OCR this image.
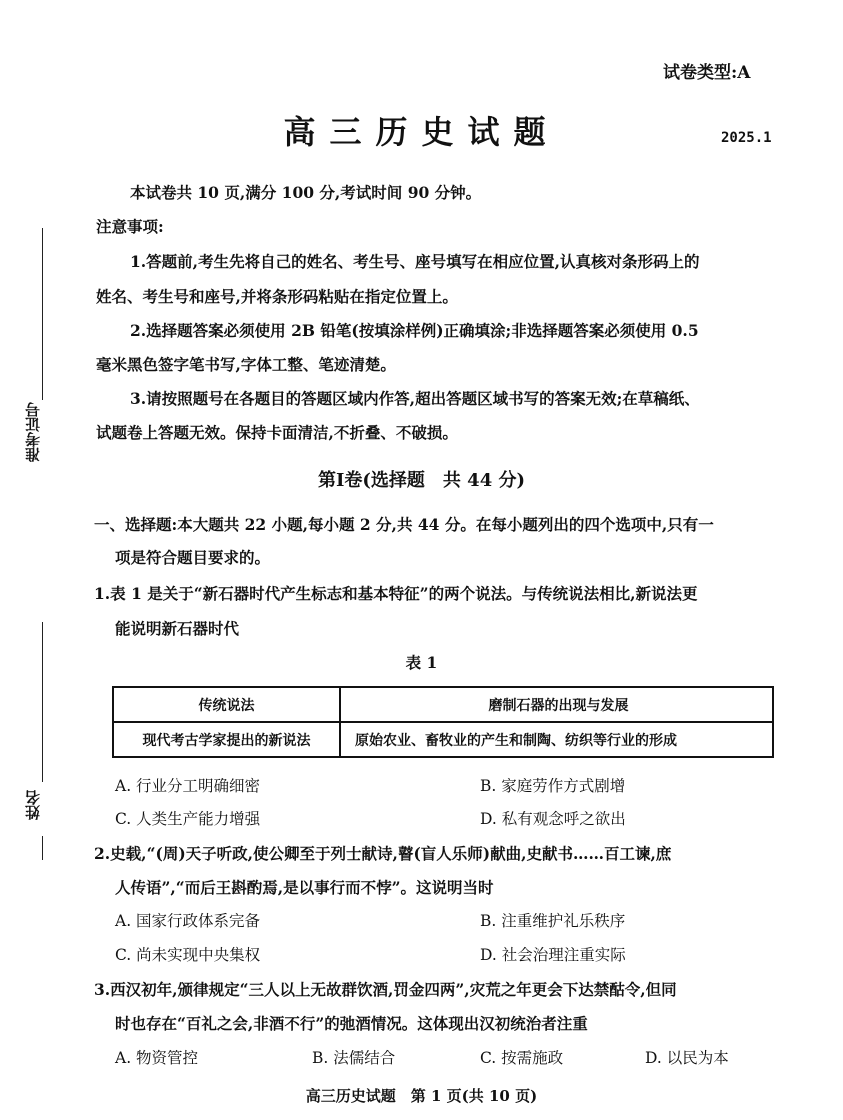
准考证号
姓名
试卷类型:A
高三历史试题	2025.1
本试卷共 10 页,满分 100 分,考试时间 90 分钟。
注意事项:
1.答题前,考生先将自己的姓名、考生号、座号填写在相应位置,认真核对条形码上的
姓名、考生号和座号,并将条形码粘贴在指定位置上。
2.选择题答案必须使用 2B 铅笔(按填涂样例)正确填涂;非选择题答案必须使用 0.5
毫米黑色签字笔书写,字体工整、笔迹清楚。
3.请按照题号在各题目的答题区域内作答,超出答题区域书写的答案无效;在草稿纸、
试题卷上答题无效。保持卡面清洁,不折叠、不破损。
第Ⅰ卷(选择题　共 44 分)
一、选择题:本大题共 22 小题,每小题 2 分,共 44 分。在每小题列出的四个选项中,只有一
项是符合题目要求的。
1.表 1 是关于“新石器时代产生标志和基本特征”的两个说法。与传统说法相比,新说法更
能说明新石器时代
表 1
传统说法	磨制石器的出现与发展
现代考古学家提出的新说法	原始农业、畜牧业的产生和制陶、纺织等行业的形成
A. 行业分工明确细密	B. 家庭劳作方式剧增
C. 人类生产能力增强	D. 私有观念呼之欲出
2.史载,“(周)天子听政,使公卿至于列士献诗,瞽(盲人乐师)献曲,史献书……百工谏,庶
人传语”,“而后王斟酌焉,是以事行而不悖”。这说明当时
A. 国家行政体系完备	B. 注重维护礼乐秩序
C. 尚未实现中央集权	D. 社会治理注重实际
3.西汉初年,颁律规定“三人以上无故群饮酒,罚金四两”,灾荒之年更会下达禁酤令,但同
时也存在“百礼之会,非酒不行”的弛酒情况。这体现出汉初统治者注重
A. 物资管控	B. 法儒结合	C. 按需施政	D. 以民为本
高三历史试题　第 1 页(共 10 页)
